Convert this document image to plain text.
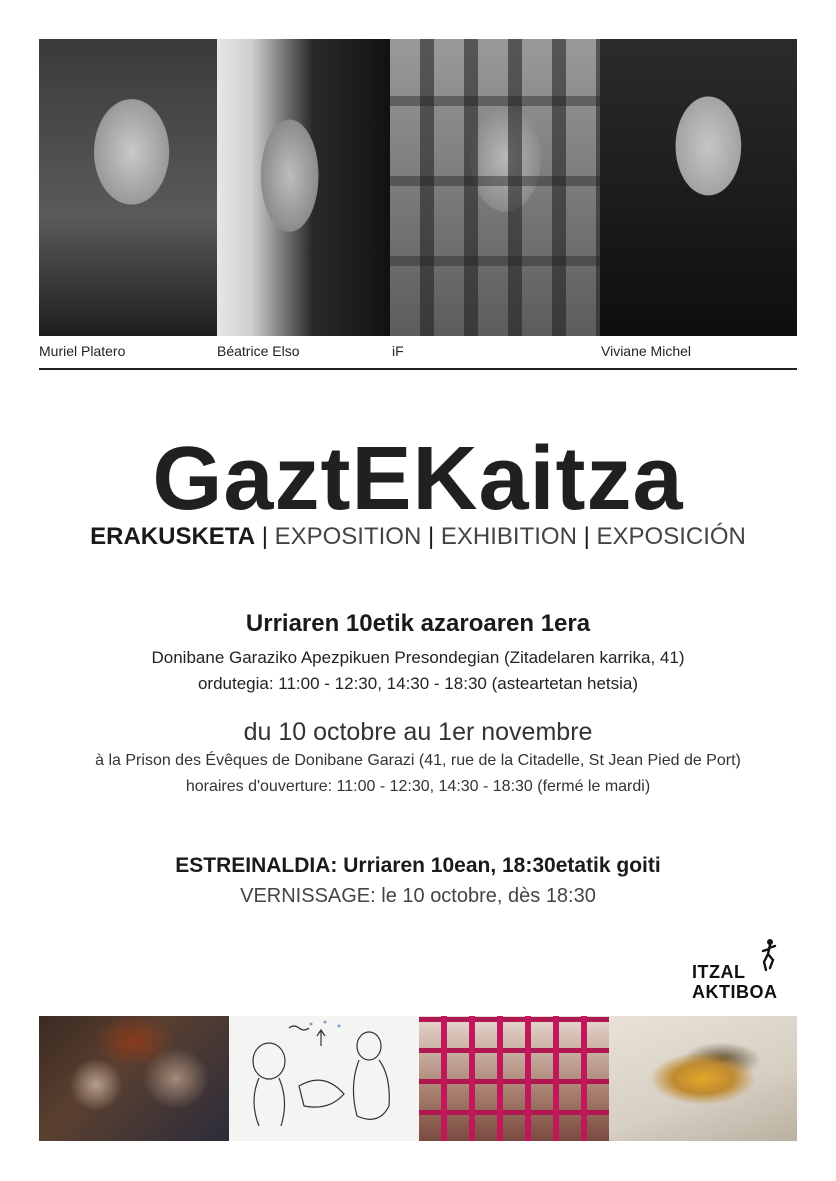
Muriel Platero	Béatrice Elso	iF	Viviane Michel
GaztEKaitza
ERAKUSKETA | EXPOSITION | EXHIBITION | EXPOSICIÓN
Urriaren 10etik azaroaren 1era
Donibane Garaziko Apezpikuen Presondegian (Zitadelaren karrika, 41)
ordutegia: 11:00 - 12:30, 14:30 - 18:30 (asteartetan hetsia)
du 10 octobre au 1er novembre
à la Prison des Évêques de Donibane Garazi (41, rue de la Citadelle, St Jean Pied de Port)
horaires d'ouverture: 11:00 - 12:30, 14:30 - 18:30 (fermé le mardi)
ESTREINALDIA: Urriaren 10ean, 18:30etatik goiti
VERNISSAGE: le 10 octobre, dès 18:30
ITZAL
AKTIBOA
